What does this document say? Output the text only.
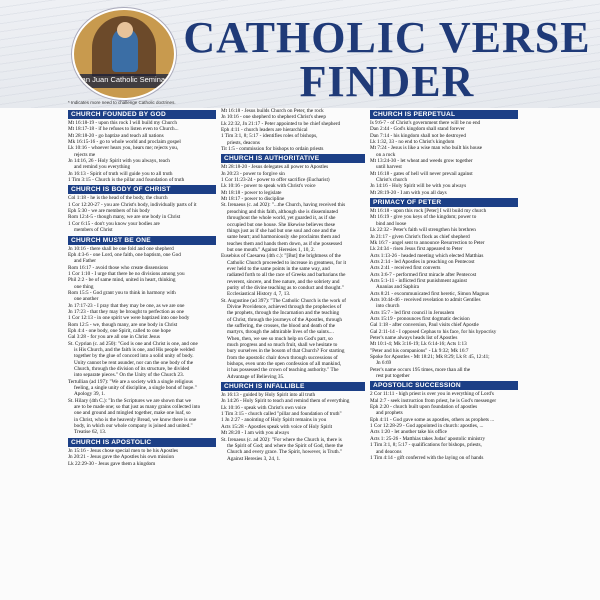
San Juan Catholic Seminars
CATHOLIC VERSE
FINDER
* Indicates more need to challenge Catholic doctrines.
CHURCH FOUNDED BY GOD
Mt 16:18-19 - upon this rock I will build my Church
Mt 18:17-18 - if he refuses to listen even to Church...
Mt 28:18-20 - go baptize and teach all nations
Mk 16:15-16 - go to whole world and proclaim gospel
Lk 10:16 - whoever hears you, hears me; rejects you,
rejects me
Jn 14:16, 26 - Holy Spirit with you always, teach
and remind you everything
Jn 16:13 - Spirit of truth will guide you to all truth
1 Tim 3:15 - Church is the pillar and foundation of truth
CHURCH IS BODY OF CHRIST
Col 1:18 - he is the head of the body, the church
1 Cor 12:20-27 - you are Christ's body, individually parts of it
Eph 5:30 - we are members of his body
Rom 12:4-5 - though many, we are one body in Christ
1 Cor 6:15 - don't you know your bodies are
members of Christ
CHURCH MUST BE ONE
Jn 10:16 - there shall be one fold and one shepherd
Eph 4:3-6 - one Lord, one faith, one baptism, one God
and Father
Rom 16:17 - avoid those who create dissensions
1 Cor 1:10 - I urge that there be no divisions among you
Phil 2:2 - be of same mind, united in heart, thinking
one thing
Rom 15:5 - God grant you to think in harmony with
one another
Jn 17:17-23 - I pray that they may be one, as we are one
Jn 17:23 - that they may be brought to perfection as one
1 Cor 12:13 - in one spirit we were baptized into one body
Rom 12:5 - we, though many, are one body in Christ
Eph 4:4 - one body, one Spirit, called to one hope
Gal 3:28 - for you are all one in Christ Jesus
St. Cyprian (c. ad 250): "God is one and Christ is one, and one
is His Church, and the faith is one, and His people welded
together by the glue of concord into a solid unity of body.
Unity cannot be rent asunder, nor can the one body of the
Church, through the division of its structure, be divided
into separate pieces." On the Unity of the Church 23.
Tertullian (ad 197): "We are a society with a single religious
feeling, a single unity of discipline, a single bond of hope."
Apology 39, 1.
St. Hilary (4th C.): "In the Scriptures we are shown that we
are to be made one; so that just as many grains collected into
one and ground and mingled together, make one loaf, so
in Christ, who is the heavenly Bread, we know there is one
body, in which our whole company is joined and united."
Treatise 62, 13.
CHURCH IS APOSTOLIC
Jn 15:16 - Jesus chose special men to be his Apostles
Jn 20:21 - Jesus gave the Apostles his own mission
Lk 22:29-30 - Jesus gave them a kingdom
Mt 16:18 - Jesus builds Church on Peter, the rock
Jn 10:16 - one shepherd to shepherd Christ's sheep
Lk 22:32, Jn 21:17 - Peter appointed to be chief shepherd
Eph 4:11 - church leaders are hierarchical
1 Tim 3:1, 8; 5:17 - identifies roles of bishops,
priests, deacons
Tit 1:5 - commission for bishops to ordain priests
CHURCH IS AUTHORITATIVE
Mt 28:18-20 - Jesus delegates all power to Apostles
Jn 20:23 - power to forgive sin
1 Cor 11:23-24 - power to offer sacrifice (Eucharist)
Lk 10:16 - power to speak with Christ's voice
Mt 18:18 - power to legislate
Mt 18:17 - power to discipline
St. Irenaeus (c. ad 202): "...the Church, having received this
preaching and this faith, although she is disseminated
throughout the whole world, yet guarded it, as if she
occupied but one house. She likewise believes these
things just as if she had but one soul and one and the
same heart; and harmoniously she proclaims them and
teaches them and hands them down, as if she possessed
but one mouth." Against Heresies 1, 10, 2.
Eusebius of Caesarea (4th c.): "[But] the brightness of the
Catholic Church proceeded to increase in greatness, for it
ever held to the same points in the same way, and
radiated forth to all the race of Greeks and barbarians the
reverent, sincere, and free nature, and the sobriety and
purity of the divine teaching as to conduct and thought."
Ecclesiastical History 4, 7, 13.
St. Augustine (ad 397): "The Catholic Church is the work of
Divine Providence, achieved through the prophecies of
the prophets, through the Incarnation and the teaching
of Christ, through the journeys of the Apostles, through
the suffering, the crosses, the blood and death of the
martyrs, through the admirable lives of the saints....
When, then, we see so much help on God's part, so
much progress and so much fruit, shall we hesitate to
bury ourselves in the bosom of that Church? For starting
from the apostolic chair down through successions of
bishops, even unto the open confession of all mankind,
it has possessed the crown of teaching authority." The
Advantage of Believing 35.
CHURCH IS INFALLIBLE
Jn 16:13 - guided by Holy Spirit into all truth
Jn 14:26 - Holy Spirit to teach and remind them of everything
Lk 10:16 - speak with Christ's own voice
1 Tim 3:15 - church called "pillar and foundation of truth"
1 Jn 2:27 - anointing of Holy Spirit remains in you
Acts 15:28 - Apostles speak with voice of Holy Spirit
Mt 28:20 - I am with you always
St. Irenaeus (c. ad 202): "For where the Church is, there is
the Spirit of God; and where the Spirit of God, there the
Church and every grace. The Spirit, however, is Truth."
Against Heresies 3, 24, 1.
CHURCH IS PERPETUAL
Is 9:6-7 - of Christ's government there will be no end
Dan 2:44 - God's kingdom shall stand forever
Dan 7:14 - his kingdom shall not be destroyed
Lk 1:32, 33 - no end to Christ's kingdom
Mt 7:24 - Jesus is like a wise man who built his house
on a rock
Mt 13:24-30 - let wheat and weeds grow together
until harvest
Mt 16:18 - gates of hell will never prevail against
Christ's church
Jn 14:16 - Holy Spirit will be with you always
Mt 28:19-20 - I am with you all days
PRIMACY OF PETER
Mt 16:18 - upon this rock [Peter] I will build my church
Mt 16:19 - give you keys of the kingdom; power to
bind and loose
Lk 22:32 - Peter's faith will strengthen his brethren
Jn 21:17 - given Christ's flock as chief shepherd
Mk 16:7 - angel sent to announce Resurrection to Peter
Lk 24:34 - risen Jesus first appeared to Peter
Acts 1:13-26 - headed meeting which elected Matthias
Acts 2:14 - led Apostles in preaching on Pentecost
Acts 2:41 - received first converts
Acts 3:6-7 - performed first miracle after Pentecost
Acts 5:1-11 - inflicted first punishment against
Ananias and Saphira
Acts 8:21 - excommunicated first heretic, Simon Magnus
Acts 10:44-46 - received revelation to admit Gentiles
into church
Acts 15:7 - led first council in Jerusalem
Acts 15:19 - pronounces first dogmatic decision
Gal 1:18 - after conversion, Paul visits chief Apostle
Gal 2:11-14 - I opposed Cephas to his face, for his hypocrisy
Peter's name always heads list of Apostles
Mt 10:1-4; Mk 3:16-19; Lk 6:14-16; Acts 1:13
"Peter and his companions" - Lk 9:32; Mk 16:7
Spoke for Apostles - Mt 18:21; Mk 8:29; Lk 8: 45, 12:41;
Jn 6:69
Peter's name occurs 195 times, more than all the
rest put together
APOSTOLIC SUCCESSION
2 Cor 11:11 - high priest is over you in everything of Lord's
Mal 2:7 - seek instruction from priest, he is God's messenger
Eph 2:20 - church built upon foundation of apostles
and prophets
Eph 4:11 - God gave some as apostles, others as prophets ...
1 Cor 12:28-29 - God appointed in church: apostles, ...
Acts 1:20 - let another take his office
Acts 1: 25-26 - Matthias takes Judas' apostolic ministry
1 Tim 3:1, 8; 5:17 - qualifications for bishops, priests,
and deacons
1 Tim 4:14 - gift conferred with the laying on of hands
